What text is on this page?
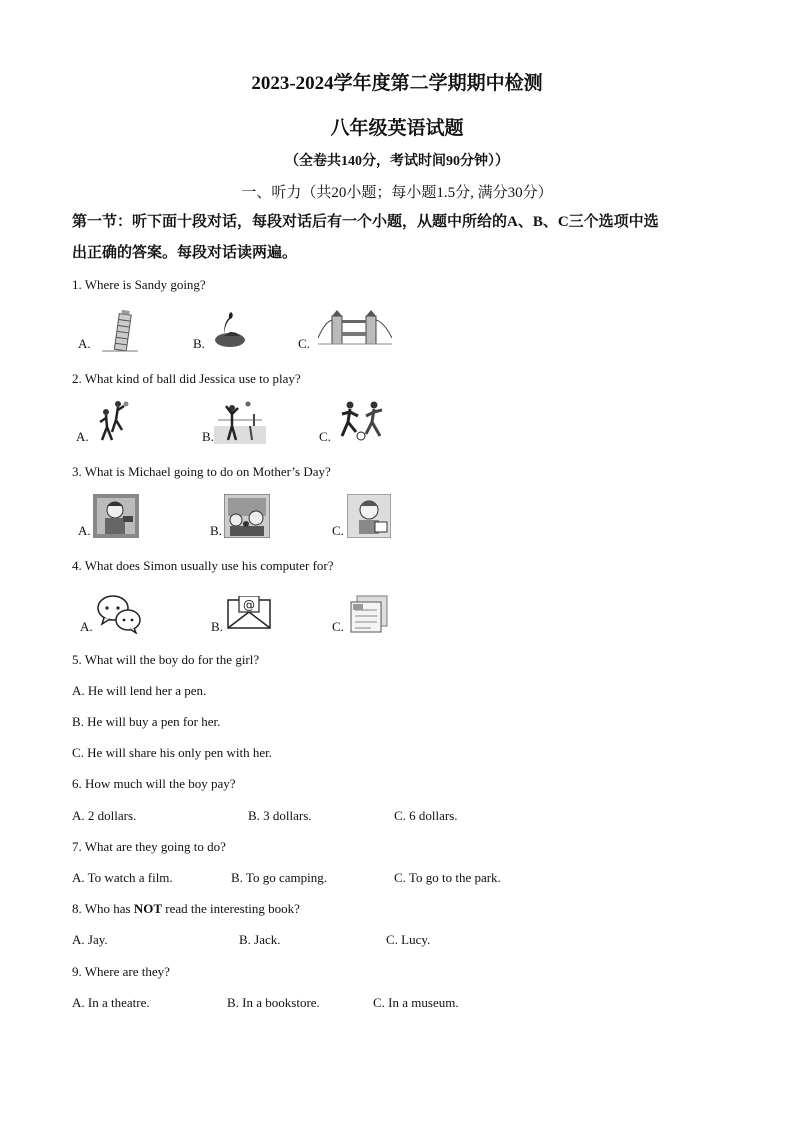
2023-2024学年度第二学期期中检测
八年级英语试题
（全卷共140分，考试时间90分钟））
一、听力（共20小题；每小题1.5分, 满分30分）
第一节：听下面十段对话，每段对话后有一个小题，从题中所给的A、B、C三个选项中选
出正确的答案。每段对话读两遍。
1. Where is Sandy going?
A.	B.	C.
2. What kind of ball did Jessica use to play?
A.	B.	C.
3. What is Michael going to do on Mother’s Day?
A.	B.	C.
4. What does Simon usually use his computer for?
A.	B.
@
C.
5. What will the boy do for the girl?
A. He will lend her a pen.
B. He will buy a pen for her.
C. He will share his only pen with her.
6. How much will the boy pay?
A. 2 dollars.	B. 3 dollars.	C. 6 dollars.
7. What are they going to do?
A. To watch a film.	B. To go camping.	C. To go to the park.
8. Who has NOT read the interesting book?
A. Jay.	B. Jack.	C. Lucy.
9. Where are they?
A. In a theatre.	B. In a bookstore.	C. In a museum.
